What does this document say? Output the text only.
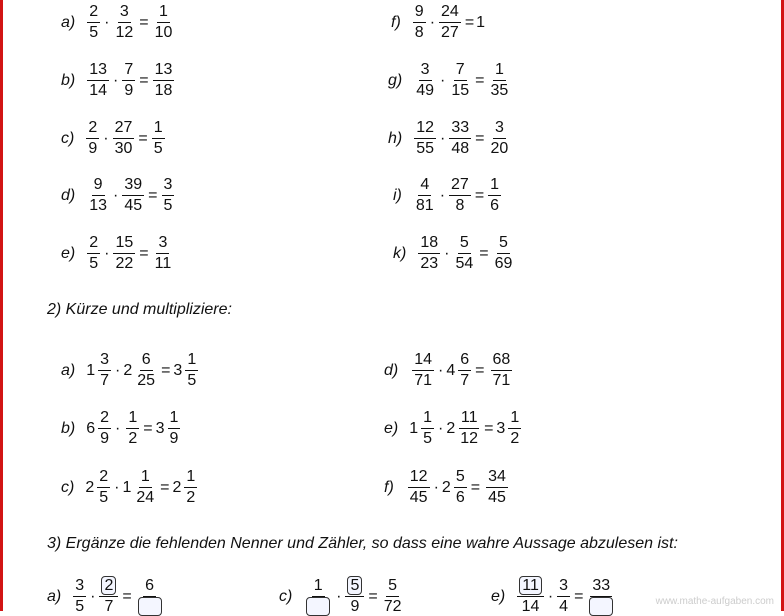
$a) \frac{2}{5} \cdot \frac{3}{12} = \frac{1}{10}$
$b) \frac{13}{14} \cdot \frac{7}{9} = \frac{13}{18}$
$c) \frac{2}{9} \cdot \frac{27}{30} = \frac{1}{5}$
$d) \frac{9}{13} \cdot \frac{39}{45} = \frac{3}{5}$
$e) \frac{2}{5} \cdot \frac{15}{22} = \frac{3}{11}$
$f) \frac{9}{8} \cdot \frac{24}{27} = 1$
$g) \frac{3}{49} \cdot \frac{7}{15} = \frac{1}{35}$
$h) \frac{12}{55} \cdot \frac{33}{48} = \frac{3}{20}$
$i) \frac{4}{81} \cdot \frac{27}{8} = \frac{1}{6}$
$k) \frac{18}{23} \cdot \frac{5}{54} = \frac{5}{69}$
2) Kürze und multipliziere:
a) $1 \frac{3}{7} \cdot 2 \frac{6}{25} = 3 \frac{1}{5}$
b) $6 \frac{2}{9} \cdot \frac{1}{2} = 3 \frac{1}{9}$
c) $2 \frac{2}{5} \cdot 1 \frac{1}{24} = 2 \frac{1}{2}$
$d) \frac{14}{71} \cdot 4 \frac{6}{7} = \frac{68}{71}$
e) $1 \frac{1}{5} \cdot 2 \frac{11}{12} = 3 \frac{1}{2}$
$f) \frac{12}{45} \cdot 2 \frac{5}{6} = \frac{34}{45}$
3) Ergänze die fehlenden Nenner und Zähler, so dass eine wahre Aussage abzulesen ist:
$a) \frac{3}{5} \cdot \frac{2}{7}$ =
6

c)
1

· $\frac{5}{9} = \frac{5}{72}$	$e) \frac{11}{14} \cdot \frac{3}{4}$ =
33

www.mathe-aufgaben.com
